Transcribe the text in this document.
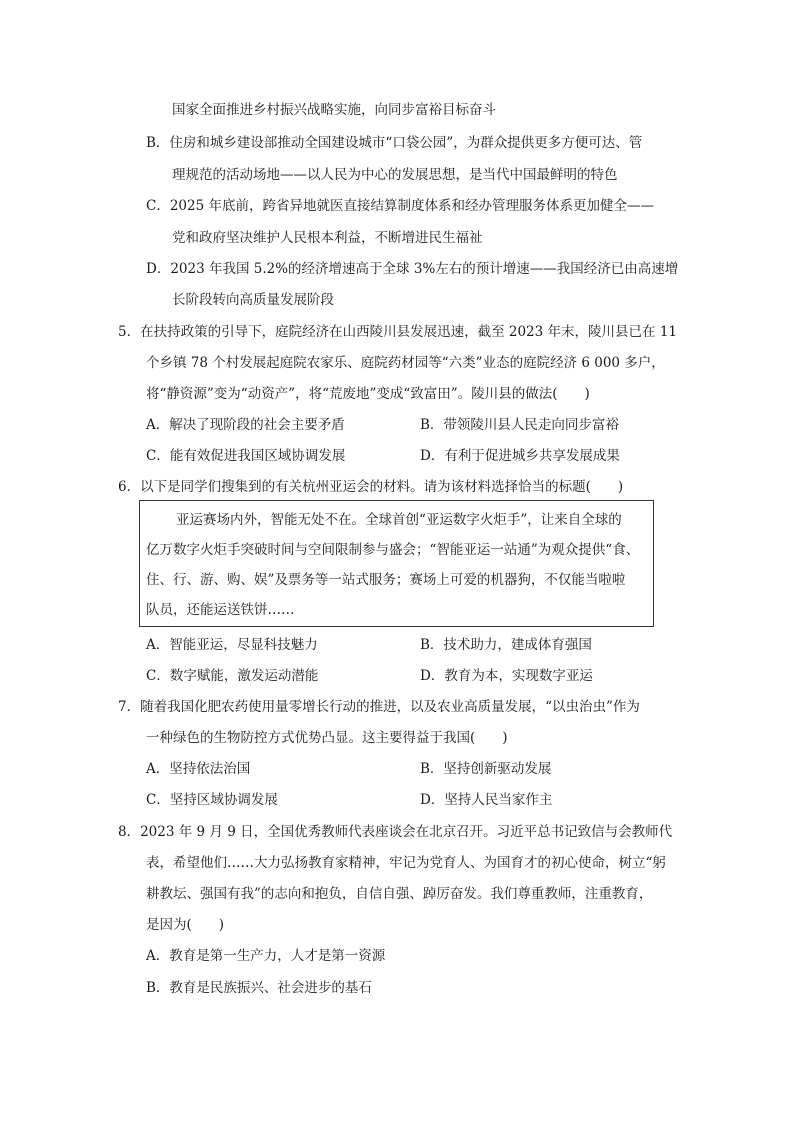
国家全面推进乡村振兴战略实施，向同步富裕目标奋斗
B．住房和城乡建设部推动全国建设城市“口袋公园”，为群众提供更多方便可达、管
理规范的活动场地——以人民为中心的发展思想，是当代中国最鲜明的特色
C．2025 年底前，跨省异地就医直接结算制度体系和经办管理服务体系更加健全——
党和政府坚决维护人民根本利益，不断增进民生福祉
D．2023 年我国 5.2%的经济增速高于全球 3%左右的预计增速——我国经济已由高速增
长阶段转向高质量发展阶段
5．在扶持政策的引导下，庭院经济在山西陵川县发展迅速，截至 2023 年末，陵川县已在 11
个乡镇 78 个村发展起庭院农家乐、庭院药材园等“六类”业态的庭院经济 6 000 多户，
将“静资源”变为“动资产”，将“荒废地”变成“致富田”。陵川县的做法(　　)
A．解决了现阶段的社会主要矛盾	B．带领陵川县人民走向同步富裕
C．能有效促进我国区域协调发展	D．有利于促进城乡共享发展成果
6．以下是同学们搜集到的有关杭州亚运会的材料。请为该材料选择恰当的标题(　　)
亚运赛场内外，智能无处不在。全球首创“亚运数字火炬手”，让来自全球的
亿万数字火炬手突破时间与空间限制参与盛会；“智能亚运一站通”为观众提供“食、
住、行、游、购、娱”及票务等一站式服务；赛场上可爱的机器狗，不仅能当啦啦
队员，还能运送铁饼……
A．智能亚运，尽显科技魅力	B．技术助力，建成体育强国
C．数字赋能，激发运动潜能	D．教育为本，实现数字亚运
7．随着我国化肥农药使用量零增长行动的推进，以及农业高质量发展，“以虫治虫”作为
一种绿色的生物防控方式优势凸显。这主要得益于我国(　　)
A．坚持依法治国	B．坚持创新驱动发展
C．坚持区域协调发展	D．坚持人民当家作主
8．2023 年 9 月 9 日，全国优秀教师代表座谈会在北京召开。习近平总书记致信与会教师代
表，希望他们……大力弘扬教育家精神，牢记为党育人、为国育才的初心使命，树立“躬
耕教坛、强国有我”的志向和抱负，自信自强、踔厉奋发。我们尊重教师，注重教育，
是因为(　　)
A．教育是第一生产力，人才是第一资源
B．教育是民族振兴、社会进步的基石
